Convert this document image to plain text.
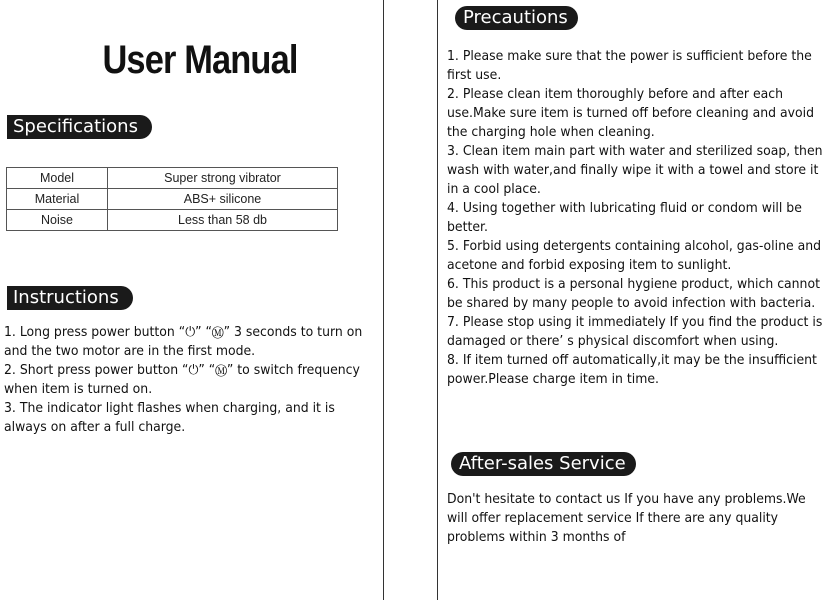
User Manual
Specifications
Model	Super strong vibrator
Material	ABS+ silicone
Noise	Less than 58 db
Instructions

1. Long press power button “⏻” “Ⓜ” 3 seconds to turn on and the two motor are in the first mode.

2. Short press power button “⏻” “Ⓜ” to switch frequency when item is turned on.

3. The indicator light flashes when charging, and it is always on after a full charge.

Precautions

1. Please make sure that the power is sufficient before the first use.

2. Please clean item thoroughly before and after each use.Make sure item is turned off before cleaning and avoid the charging hole when cleaning.

3. Clean item main part with water and sterilized soap, then wash with water,and finally wipe it with a towel and store it in a cool place.

4. Using together with lubricating fluid or condom will be better.

5. Forbid using detergents containing alcohol, gas-oline and acetone and forbid exposing item to sunlight.

6. This product is a personal hygiene product, which cannot be shared by many people to avoid infection with bacteria.

7. Please stop using it immediately If you find the product is damaged or there’ s physical discomfort when using.

8. If item turned off automatically,it may be the insufficient power.Please charge item in time.

After-sales Service

Don't hesitate to contact us If you have any problems.We will offer replacement service If there are any quality problems within 3 months of
